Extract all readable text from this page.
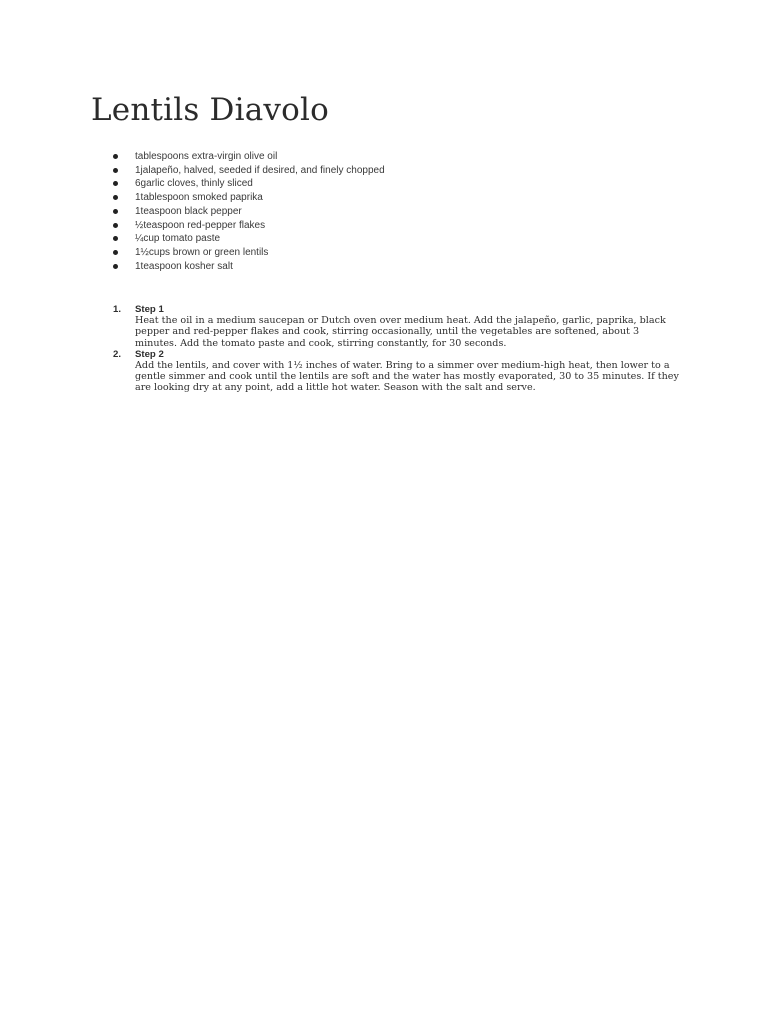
Lentils Diavolo
tablespoons extra-virgin olive oil
1jalapeño, halved, seeded if desired, and finely chopped
6garlic cloves, thinly sliced
1tablespoon smoked paprika
1teaspoon black pepper
½teaspoon red-pepper flakes
¼cup tomato paste
1½cups brown or green lentils
1teaspoon kosher salt
1. Step 1
Heat the oil in a medium saucepan or Dutch oven over medium heat. Add the jalapeño, garlic, paprika, black pepper and red-pepper flakes and cook, stirring occasionally, until the vegetables are softened, about 3 minutes. Add the tomato paste and cook, stirring constantly, for 30 seconds.
2. Step 2
Add the lentils, and cover with 1½ inches of water. Bring to a simmer over medium-high heat, then lower to a gentle simmer and cook until the lentils are soft and the water has mostly evaporated, 30 to 35 minutes. If they are looking dry at any point, add a little hot water. Season with the salt and serve.
